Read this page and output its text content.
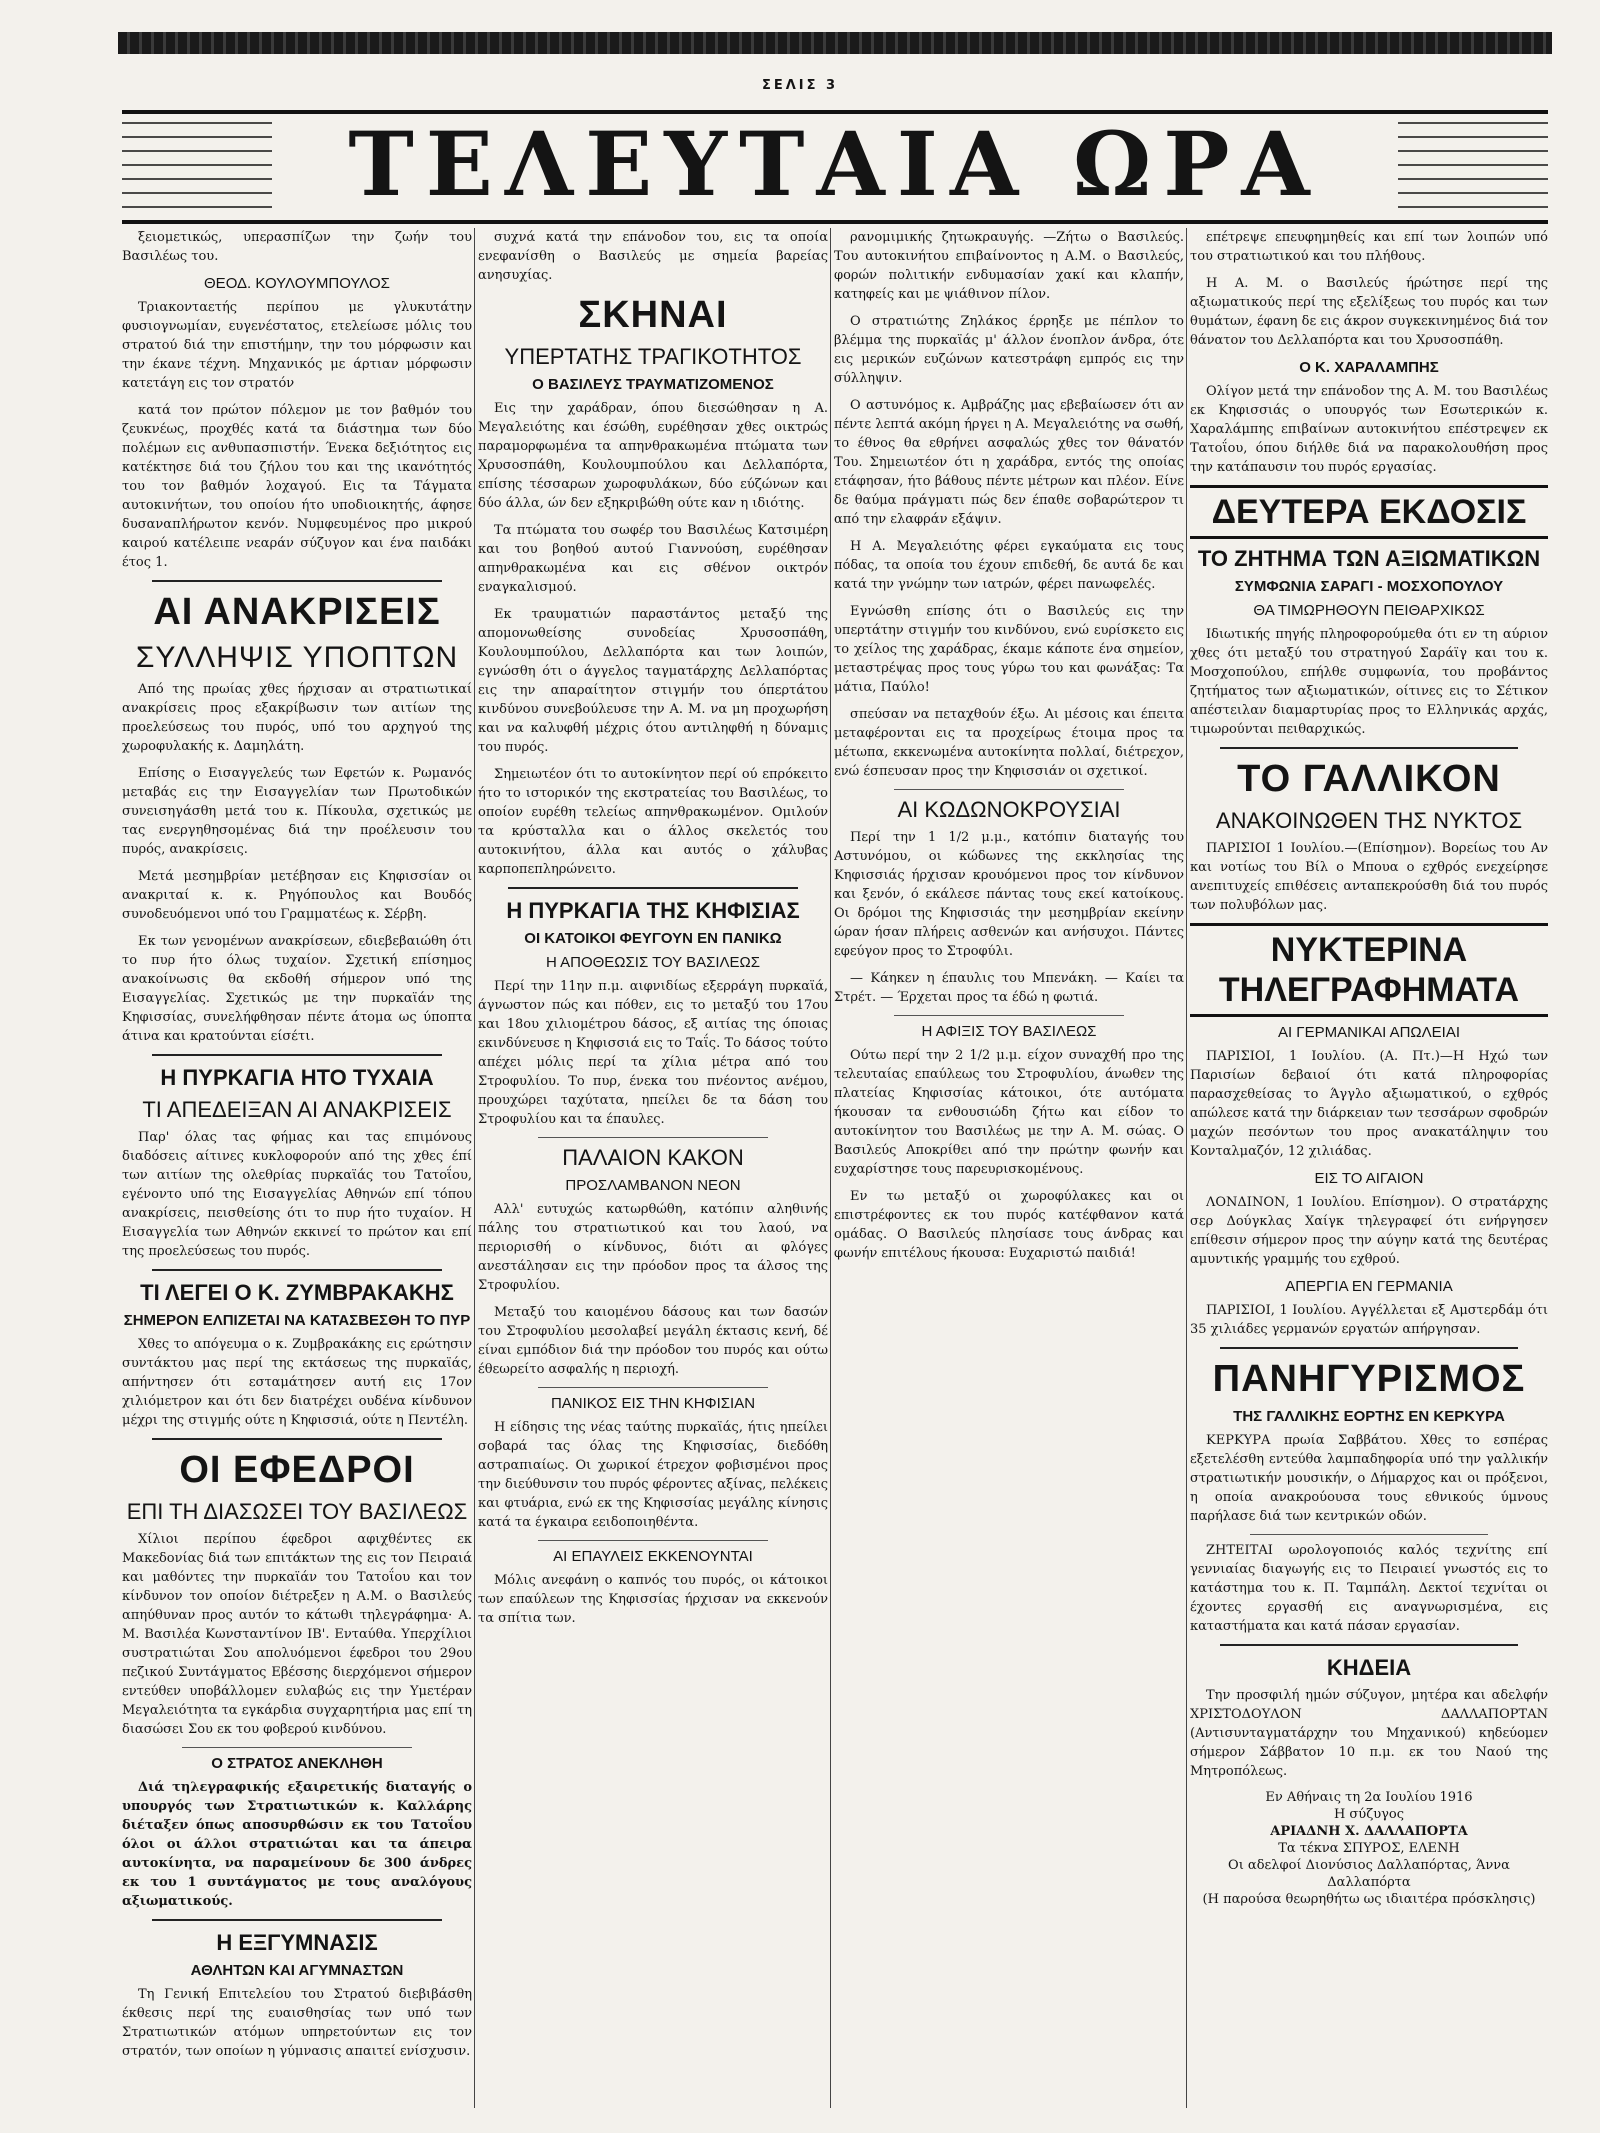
ΣΕΛΙΣ 3
ΤΕΛΕΥΤΑΙΑ ΩΡΑ

ξειομετικώς, υπερασπίζων την ζωήν του Βασιλέως του.

ΘΕΟΔ. ΚΟΥΛΟΥΜΠΟΥΛΟΣ

Τριακονταετής περίπου με γλυκυτάτην φυσιογνωμίαν, ευγενέστατος, ετελείωσε μόλις του στρατού διά την επιστήμην, την του μόρφωσιν και την έκανε τέχνη. Μηχανικός με άρτιαν μόρφωσιν κατετάγη εις τον στρατόν

κατά τον πρώτον πόλεμον με τον βαθμόν του ζευκνέως, προχθές κατά τα διάστημα των δύο πολέμων εις ανθυπασπιστήν. Ένεκα δεξιότητος εις κατέκτησε διά του ζήλου του και της ικανότητός του τον βαθμόν λοχαγού. Εις τα Τάγματα αυτοκινήτων, του οποίου ήτο υποδιοικητής, άφησε δυσαναπλήρωτον κενόν. Νυμφευμένος προ μικρού καιρού κατέλειπε νεαράν σύζυγον και ένα παιδάκι έτος 1.

ΑΙ ΑΝΑΚΡΙΣΕΙΣ
ΣΥΛΛΗΨΙΣ ΥΠΟΠΤΩΝ

Από της πρωίας χθες ήρχισαν αι στρατιωτικαί ανακρίσεις προς εξακρίβωσιν των αιτίων της προελεύσεως του πυρός, υπό του αρχηγού της χωροφυλακής κ. Δαμηλάτη.

Επίσης ο Εισαγγελεύς των Εφετών κ. Ρωμανός μεταβάς εις την Εισαγγελίαν των Πρωτοδικών συνεισηγάσθη μετά του κ. Πίκουλα, σχετικώς με τας ενεργηθησομένας διά την προέλευσιν του πυρός, ανακρίσεις.

Μετά μεσημβρίαν μετέβησαν εις Κηφισσίαν οι ανακριταί κ. κ. Ρηγόπουλος και Βουδός συνοδευόμενοι υπό του Γραμματέως κ. Σέρβη.

Εκ των γενομένων ανακρίσεων, εδιεβεβαιώθη ότι το πυρ ήτο όλως τυχαίον. Σχετική επίσημος ανακοίνωσις θα εκδοθή σήμερον υπό της Εισαγγελίας. Σχετικώς με την πυρκαϊάν της Κηφισσίας, συνελήφθησαν πέντε άτομα ως ύποπτα άτινα και κρατούνται είσέτι.

Η ΠΥΡΚΑΓΙΑ ΗΤΟ ΤΥΧΑΙΑ
ΤΙ ΑΠΕΔΕΙΞΑΝ ΑΙ ΑΝΑΚΡΙΣΕΙΣ

Παρ' όλας τας φήμας και τας επιμόνους διαδόσεις αίτινες κυκλοφορούν από της χθες έπί των αιτίων της ολεθρίας πυρκαϊάς του Τατοΐου, εγένοντο υπό της Εισαγγελίας Αθηνών επί τόπου ανακρίσεις, πεισθείσης ότι το πυρ ήτο τυχαίον. Η Εισαγγελία των Αθηνών εκκινεί το πρώτον και επί της προελεύσεως του πυρός.

ΤΙ ΛΕΓΕΙ Ο Κ. ΖΥΜΒΡΑΚΑΚΗΣ
ΣΗΜΕΡΟΝ ΕΛΠΙΖΕΤΑΙ ΝΑ ΚΑΤΑΣΒΕΣΘΗ ΤΟ ΠΥΡ

Χθες το απόγευμα ο κ. Ζυμβρακάκης εις ερώτησιν συντάκτου μας περί της εκτάσεως της πυρκαϊάς, απήντησεν ότι εσταμάτησεν αυτή εις 17ον χιλιόμετρον και ότι δεν διατρέχει ουδένα κίνδυνον μέχρι της στιγμής ούτε η Κηφισσιά, ούτε η Πεντέλη.

ΟΙ ΕΦΕΔΡΟΙ
ΕΠΙ ΤΗ ΔΙΑΣΩΣΕΙ ΤΟΥ ΒΑΣΙΛΕΩΣ

Χίλιοι περίπου έφεδροι αφιχθέντες εκ Μακεδονίας διά των επιτάκτων της εις τον Πειραιά και μαθόντες την πυρκαϊάν του Τατοΐου και τον κίνδυνον τον οποίον διέτρεξεν η Α.Μ. ο Βασιλεύς απηύθυναν προς αυτόν το κάτωθι τηλεγράφημα· Α. Μ. Βασιλέα Κωνσταντίνον ΙΒ'. Ενταύθα. Υπερχίλιοι συστρατιώται Σου απολυόμενοι έφεδροι του 29ου πεζικού Συντάγματος Εβέσσης διερχόμενοι σήμερον εντεύθεν υποβάλλομεν ευλαβώς εις την Υμετέραν Μεγαλειότητα τα εγκάρδια συγχαρητήρια μας επί τη διασώσει Σου εκ του φοβερού κινδύνου.

Ο ΣΤΡΑΤΟΣ ΑΝΕΚΛΗΘΗ

Διά τηλεγραφικής εξαιρετικής διαταγής ο υπουργός των Στρατιωτικών κ. Καλλάρης διέταξεν όπως αποσυρθώσιν εκ του Τατοΐου όλοι οι άλλοι στρατιώται και τα άπειρα αυτοκίνητα, να παραμείνουν δε 300 άνδρες εκ του 1 συντάγματος με τους αναλόγους αξιωματικούς.

Η ΕΞΓΥΜΝΑΣΙΣ
ΑΘΛΗΤΩΝ ΚΑΙ ΑΓΥΜΝΑΣΤΩΝ

Τη Γενική Επιτελείου του Στρατού διεβιβάσθη έκθεσις περί της ευαισθησίας των υπό των Στρατιωτικών ατόμων υπηρετούντων εις τον στρατόν, των οποίων η γύμνασις απαιτεί ενίσχυσιν.

συχνά κατά την επάνοδον του, εις τα οποία ενεφανίσθη ο Βασιλεύς με σημεία βαρείας ανησυχίας.

ΣΚΗΝΑΙ
ΥΠΕΡΤΑΤΗΣ ΤΡΑΓΙΚΟΤΗΤΟΣ
Ο ΒΑΣΙΛΕΥΣ ΤΡΑΥΜΑΤΙΖΟΜΕΝΟΣ

Εις την χαράδραν, όπου διεσώθησαν η Α. Μεγαλειότης και έσώθη, ευρέθησαν χθες οικτρώς παραμορφωμένα τα απηνθρακωμένα πτώματα των Χρυσοσπάθη, Κουλουμπούλου και Δελλαπόρτα, επίσης τέσσαρων χωροφυλάκων, δύο εύζώνων και δύο άλλα, ών δεν εξηκριβώθη ούτε καν η ιδιότης.

Τα πτώματα του σωφέρ του Βασιλέως Κατσιμέρη και του βοηθού αυτού Γιαννούση, ευρέθησαν απηνθρακωμένα και εις σθένον οικτρόν εναγκαλισμού.

Εκ τραυματιών παραστάντος μεταξύ της απομονωθείσης συνοδείας Χρυσοσπάθη, Κουλουμπούλου, Δελλαπόρτα και των λοιπών, εγνώσθη ότι ο άγγελος ταγματάρχης Δελλαπόρτας εις την απαραίτητον στιγμήν του όπερτάτου κινδύνου συνεβούλευσε την Α. Μ. να μη προχωρήση και να καλυφθή μέχρις ότου αντιληφθή η δύναμις του πυρός.

Σημειωτέον ότι το αυτοκίνητον περί ού επρόκειτο ήτο το ιστορικόν της εκστρατείας του Βασιλέως, το οποίον ευρέθη τελείως απηνθρακωμένον. Ομιλούν τα κρύσταλλα και ο άλλος σκελετός του αυτοκινήτου, άλλα και αυτός ο χάλυβας καρποπεπληρώνειτο.

Η ΠΥΡΚΑΓΙΑ ΤΗΣ ΚΗΦΙΣΙΑΣ
ΟΙ ΚΑΤΟΙΚΟΙ ΦΕΥΓΟΥΝ ΕΝ ΠΑΝΙΚΩ
Η ΑΠΟΘΕΩΣΙΣ ΤΟΥ ΒΑΣΙΛΕΩΣ

Περί την 11ην π.μ. αιφνιδίως εξερράγη πυρκαϊά, άγνωστον πώς και πόθεν, εις το μεταξύ του 17ου και 18ου χιλιομέτρου δάσος, εξ αιτίας της όποιας εκινδύνευσε η Κηφισσιά εις το Ταΐς. Το δάσος τούτο απέχει μόλις περί τα χίλια μέτρα από του Στροφυλίου. Το πυρ, ένεκα του πνέοντος ανέμου, προυχώρει ταχύτατα, ηπείλει δε τα δάση του Στροφυλίου και τα έπαυλες.

ΠΑΛΑΙΟΝ ΚΑΚΟΝ
ΠΡΟΣΛΑΜΒΑΝΟΝ ΝΕΟΝ

Αλλ' ευτυχώς κατωρθώθη, κατόπιν αληθινής πάλης του στρατιωτικού και του λαού, να περιορισθή ο κίνδυνος, διότι αι φλόγες ανεστάλησαν εις την πρόοδον προς τα άλσος της Στροφυλίου.

Μεταξύ του καιομένου δάσους και των δασών του Στροφυλίου μεσολαβεί μεγάλη έκτασις κενή, δέ είναι εμπόδιον διά την πρόοδον του πυρός και ούτω έθεωρείτο ασφαλής η περιοχή.

ΠΑΝΙΚΟΣ ΕΙΣ ΤΗΝ ΚΗΦΙΣΙΑΝ

Η είδησις της νέας ταύτης πυρκαϊάς, ήτις ηπείλει σοβαρά τας όλας της Κηφισσίας, διεδόθη αστραπιαίως. Οι χωρικοί έτρεχον φοβισμένοι προς την διεύθυνσιν του πυρός φέροντες αξίνας, πελέκεις και φτυάρια, ενώ εκ της Κηφισσίας μεγάλης κίνησις κατά τα έγκαιρα εειδοποιηθέντα.

ΑΙ ΕΠΑΥΛΕΙΣ ΕΚΚΕΝΟΥΝΤΑΙ

Μόλις ανεφάνη ο καπνός του πυρός, οι κάτοικοι των επαύλεων της Κηφισσίας ήρχισαν να εκκενούν τα σπίτια των.

ρανομιμικής ζητωκραυγής. —Ζήτω ο Βασιλεύς. Του αυτοκινήτου επιβαίνοντος η Α.Μ. ο Βασιλεύς, φορών πολιτικήν ενδυμασίαν χακί και κλαπήν, κατηφείς και με ψιάθινον πίλον.

Ο στρατιώτης Ζηλάκος έρρηξε με πέπλον το βλέμμα της πυρκαϊάς μ' άλλον ένοπλον άνδρα, ότε εις μερικών ευζώνων κατεστράφη εμπρός εις την σύλληψιν.

Ο αστυνόμος κ. Αμβράζης μας εβεβαίωσεν ότι αν πέντε λεπτά ακόμη ήργει η Α. Μεγαλειότης να σωθή, το έθνος θα εθρήνει ασφαλώς χθες τον θάνατόν Του. Σημειωτέον ότι η χαράδρα, εντός της οποίας ετάφησαν, ήτο βάθους πέντε μέτρων και πλέον. Είνε δε θαύμα πράγματι πώς δεν έπαθε σοβαρώτερον τι από την ελαφράν εξάψιν.

Η Α. Μεγαλειότης φέρει εγκαύματα εις τους πόδας, τα οποία του έχουν επιδεθή, δε αυτά δε και κατά την γνώμην των ιατρών, φέρει πανωφελές.

Εγνώσθη επίσης ότι ο Βασιλεύς εις την υπερτάτην στιγμήν του κινδύνου, ενώ ευρίσκετο εις το χείλος της χαράδρας, έκαμε κάποτε ένα σημείον, μεταστρέψας προς τους γύρω του και φωνάξας: Τα μάτια, Παύλο!

σπεύσαν να πεταχθούν έξω. Αι μέσοις και έπειτα μεταφέρονται εις τα προχείρως έτοιμα προς τα μέτωπα, εκκενωμένα αυτοκίνητα πολλαί, διέτρεχον, ενώ έσπευσαν προς την Κηφισσιάν οι σχετικοί.

ΑΙ ΚΩΔΩΝΟΚΡΟΥΣΙΑΙ

Περί την 1 1/2 μ.μ., κατόπιν διαταγής του Αστυνόμου, οι κώδωνες της εκκλησίας της Κηφισσιάς ήρχισαν κρουόμενοι προς τον κίνδυνον και ξενόν, ό εκάλεσε πάντας τους εκεί κατοίκους. Οι δρόμοι της Κηφισσιάς την μεσημβρίαν εκείνην ώραν ήσαν πλήρεις ασθενών και ανήσυχοι. Πάντες εφεύγον προς το Στροφύλι.

— Κάηκεν η έπαυλις του Μπενάκη. — Καίει τα Στρέτ. — Έρχεται προς τα έδώ η φωτιά.

Η ΑΦΙΞΙΣ ΤΟΥ ΒΑΣΙΛΕΩΣ

Ούτω περί την 2 1/2 μ.μ. είχον συναχθή προ της τελευταίας επαύλεως του Στροφυλίου, άνωθεν της πλατείας Κηφισσίας κάτοικοι, ότε αυτόματα ήκουσαν τα ενθουσιώδη ζήτω και είδον το αυτοκίνητον του Βασιλέως με την Α. Μ. σώας. Ο Βασιλεύς Αποκρίθει από την πρώτην φωνήν και ευχαρίστησε τους παρευρισκομένους.

Εν τω μεταξύ οι χωροφύλακες και οι επιστρέφοντες εκ του πυρός κατέφθανον κατά ομάδας. Ο Βασιλεύς πλησίασε τους άνδρας και φωνήν επιτέλους ήκουσα: Ευχαριστώ παιδιά!

επέτρεψε επευφημηθείς και επί των λοιπών υπό του στρατιωτικού και του πλήθους.

Η Α. Μ. ο Βασιλεύς ήρώτησε περί της αξιωματικούς περί της εξελίξεως του πυρός και των θυμάτων, έφανη δε εις άκρον συγκεκινημένος διά τον θάνατον του Δελλαπόρτα και του Χρυσοσπάθη.

Ο Κ. ΧΑΡΑΛΑΜΠΗΣ

Ολίγον μετά την επάνοδον της Α. Μ. του Βασιλέως εκ Κηφισσιάς ο υπουργός των Εσωτερικών κ. Χαραλάμπης επιβαίνων αυτοκινήτου επέστρεψεν εκ Τατοΐου, όπου διήλθε διά να παρακολουθήση προς την κατάπαυσιν του πυρός εργασίας.

ΔΕΥΤΕΡΑ ΕΚΔΟΣΙΣ
ΤΟ ΖΗΤΗΜΑ ΤΩΝ ΑΞΙΩΜΑΤΙΚΩΝ
ΣΥΜΦΩΝΙΑ ΣΑΡΑΓΙ - ΜΟΣΧΟΠΟΥΛΟΥ
ΘΑ ΤΙΜΩΡΗΘΟΥΝ ΠΕΙΘΑΡΧΙΚΩΣ

Ιδιωτικής πηγής πληροφορούμεθα ότι εν τη αύριον χθες ότι μεταξύ του στρατηγού Σαράϊγ και του κ. Μοσχοπούλου, επήλθε συμφωνία, του προβάντος ζητήματος των αξιωματικών, οίτινες εις το Σέτικον απέστειλαν διαμαρτυρίας προς το Ελληνικάς αρχάς, τιμωρούνται πειθαρχικώς.

ΤΟ ΓΑΛΛΙΚΟΝ
ΑΝΑΚΟΙΝΩΘΕΝ ΤΗΣ ΝΥΚΤΟΣ

ΠΑΡΙΣΙΟΙ 1 Ιουλίου.—(Επίσημον). Βορείως του Αν και νοτίως του Βίλ ο Μπουα ο εχθρός ενεχείρησε ανεπιτυχείς επιθέσεις ανταπεκρούσθη διά του πυρός των πολυβόλων μας.

ΝΥΚΤΕΡΙΝΑ ΤΗΛΕΓΡΑΦΗΜΑΤΑ
ΑΙ ΓΕΡΜΑΝΙΚΑΙ ΑΠΩΛΕΙΑΙ

ΠΑΡΙΣΙΟΙ, 1 Ιουλίου. (Α. Πτ.)—Η Ηχώ των Παρισίων δεβαιοί ότι κατά πληροφορίας παρασχεθείσας το Άγγλο αξιωματικού, ο εχθρός απώλεσε κατά την διάρκειαν των τεσσάρων σφοδρών μαχών πεσόντων του προς ανακατάληψιν του Κονταλμαζόν, 12 χιλιάδας.

ΕΙΣ ΤΟ ΑΙΓΑΙΟΝ

ΛΟΝΔΙΝΟΝ, 1 Ιουλίου. Επίσημον). Ο στρατάρχης σερ Δούγκλας Χαίγκ τηλεγραφεί ότι ενήργησεν επίθεσιν σήμερον προς την αύγην κατά της δευτέρας αμυντικής γραμμής του εχθρού.

ΑΠΕΡΓΙΑ ΕΝ ΓΕΡΜΑΝΙΑ

ΠΑΡΙΣΙΟΙ, 1 Ιουλίου. Αγγέλλεται εξ Αμστερδάμ ότι 35 χιλιάδες γερμανών εργατών απήργησαν.

ΠΑΝΗΓΥΡΙΣΜΟΣ
ΤΗΣ ΓΑΛΛΙΚΗΣ ΕΟΡΤΗΣ ΕΝ ΚΕΡΚΥΡΑ

ΚΕΡΚΥΡΑ πρωία Σαββάτου. Χθες το εσπέρας εξετελέσθη εντεύθα λαμπαδηφορία υπό την γαλλικήν στρατιωτικήν μουσικήν, ο Δήμαρχος και οι πρόξενοι, η οποία ανακρούουσα τους εθνικούς ύμνους παρήλασε διά των κεντρικών οδών.

ΖΗΤΕΙΤΑΙ ωρολογοποιός καλός τεχνίτης επί γεννιαίας διαγωγής εις το Πειραιεί γνωστός εις το κατάστημα του κ. Π. Ταμπάλη. Δεκτοί τεχνίται οι έχοντες εργασθή εις αναγνωρισμένα, εις καταστήματα και κατά πάσαν εργασίαν.

ΚΗΔΕΙΑ

Την προσφιλή ημών σύζυγον, μητέρα και αδελφήν ΧΡΙΣΤΟΔΟΥΛΟΝ ΔΑΛΛΑΠΟΡΤΑΝ (Αντισυνταγματάρχην του Μηχανικού) κηδεύομεν σήμερον Σάββατον 10 π.μ. εκ του Ναού της Μητροπόλεως.

Εν Αθήναις τη 2α Ιουλίου 1916

Η σύζυγος

ΑΡΙΑΔΝΗ Χ. ΔΑΛΛΑΠΟΡΤΑ

Τα τέκνα ΣΠΥΡΟΣ, ΕΛΕΝΗ

Οι αδελφοί Διονύσιος Δαλλαπόρτας, Άννα Δαλλαπόρτα

(Η παρούσα θεωρηθήτω ως ιδιαιτέρα πρόσκλησις)
